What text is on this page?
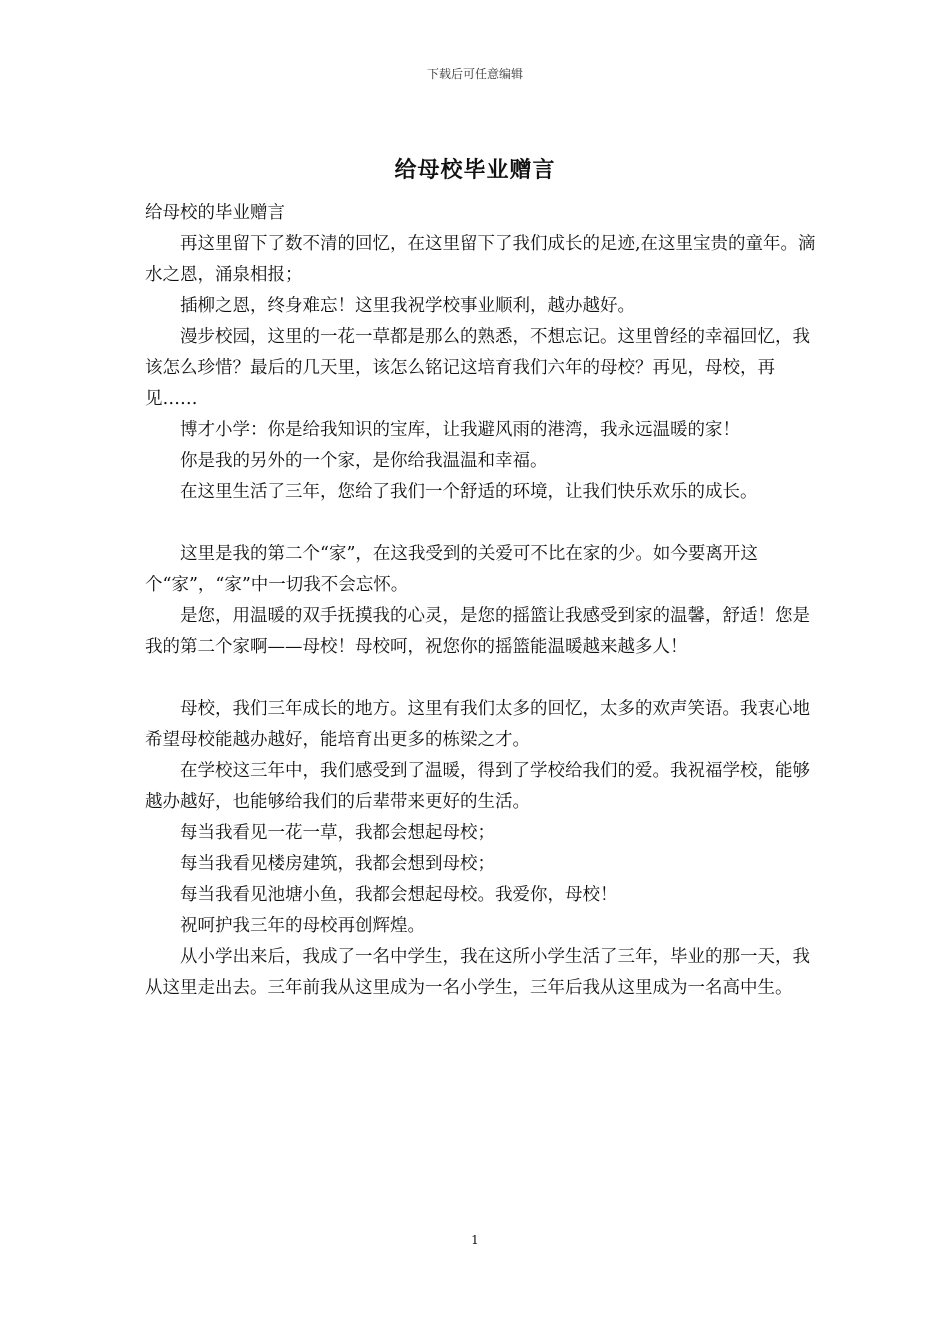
下载后可任意编辑
给母校毕业赠言

给母校的毕业赠言

再这里留下了数不清的回忆，在这里留下了我们成长的足迹,在这里宝贵的童年。滴水之恩，涌泉相报；

插柳之恩，终身难忘！这里我祝学校事业顺利，越办越好。

漫步校园，这里的一花一草都是那么的熟悉，不想忘记。这里曾经的幸福回忆，我该怎么珍惜？最后的几天里，该怎么铭记这培育我们六年的母校？再见，母校，再见……

博才小学：你是给我知识的宝库，让我避风雨的港湾，我永远温暖的家！

你是我的另外的一个家，是你给我温温和幸福。

在这里生活了三年，您给了我们一个舒适的环境，让我们快乐欢乐的成长。

这里是我的第二个“家”，在这我受到的关爱可不比在家的少。如今要离开这个“家”，“家”中一切我不会忘怀。

是您，用温暖的双手抚摸我的心灵，是您的摇篮让我感受到家的温馨，舒适！您是我的第二个家啊——母校！母校呵，祝您你的摇篮能温暖越来越多人！

母校，我们三年成长的地方。这里有我们太多的回忆，太多的欢声笑语。我衷心地希望母校能越办越好，能培育出更多的栋梁之才。

在学校这三年中，我们感受到了温暖，得到了学校给我们的爱。我祝福学校，能够越办越好，也能够给我们的后辈带来更好的生活。

每当我看见一花一草，我都会想起母校；

每当我看见楼房建筑，我都会想到母校；

每当我看见池塘小鱼，我都会想起母校。我爱你，母校！

祝呵护我三年的母校再创辉煌。

从小学出来后，我成了一名中学生，我在这所小学生活了三年，毕业的那一天，我从这里走出去。三年前我从这里成为一名小学生，三年后我从这里成为一名高中生。

1
